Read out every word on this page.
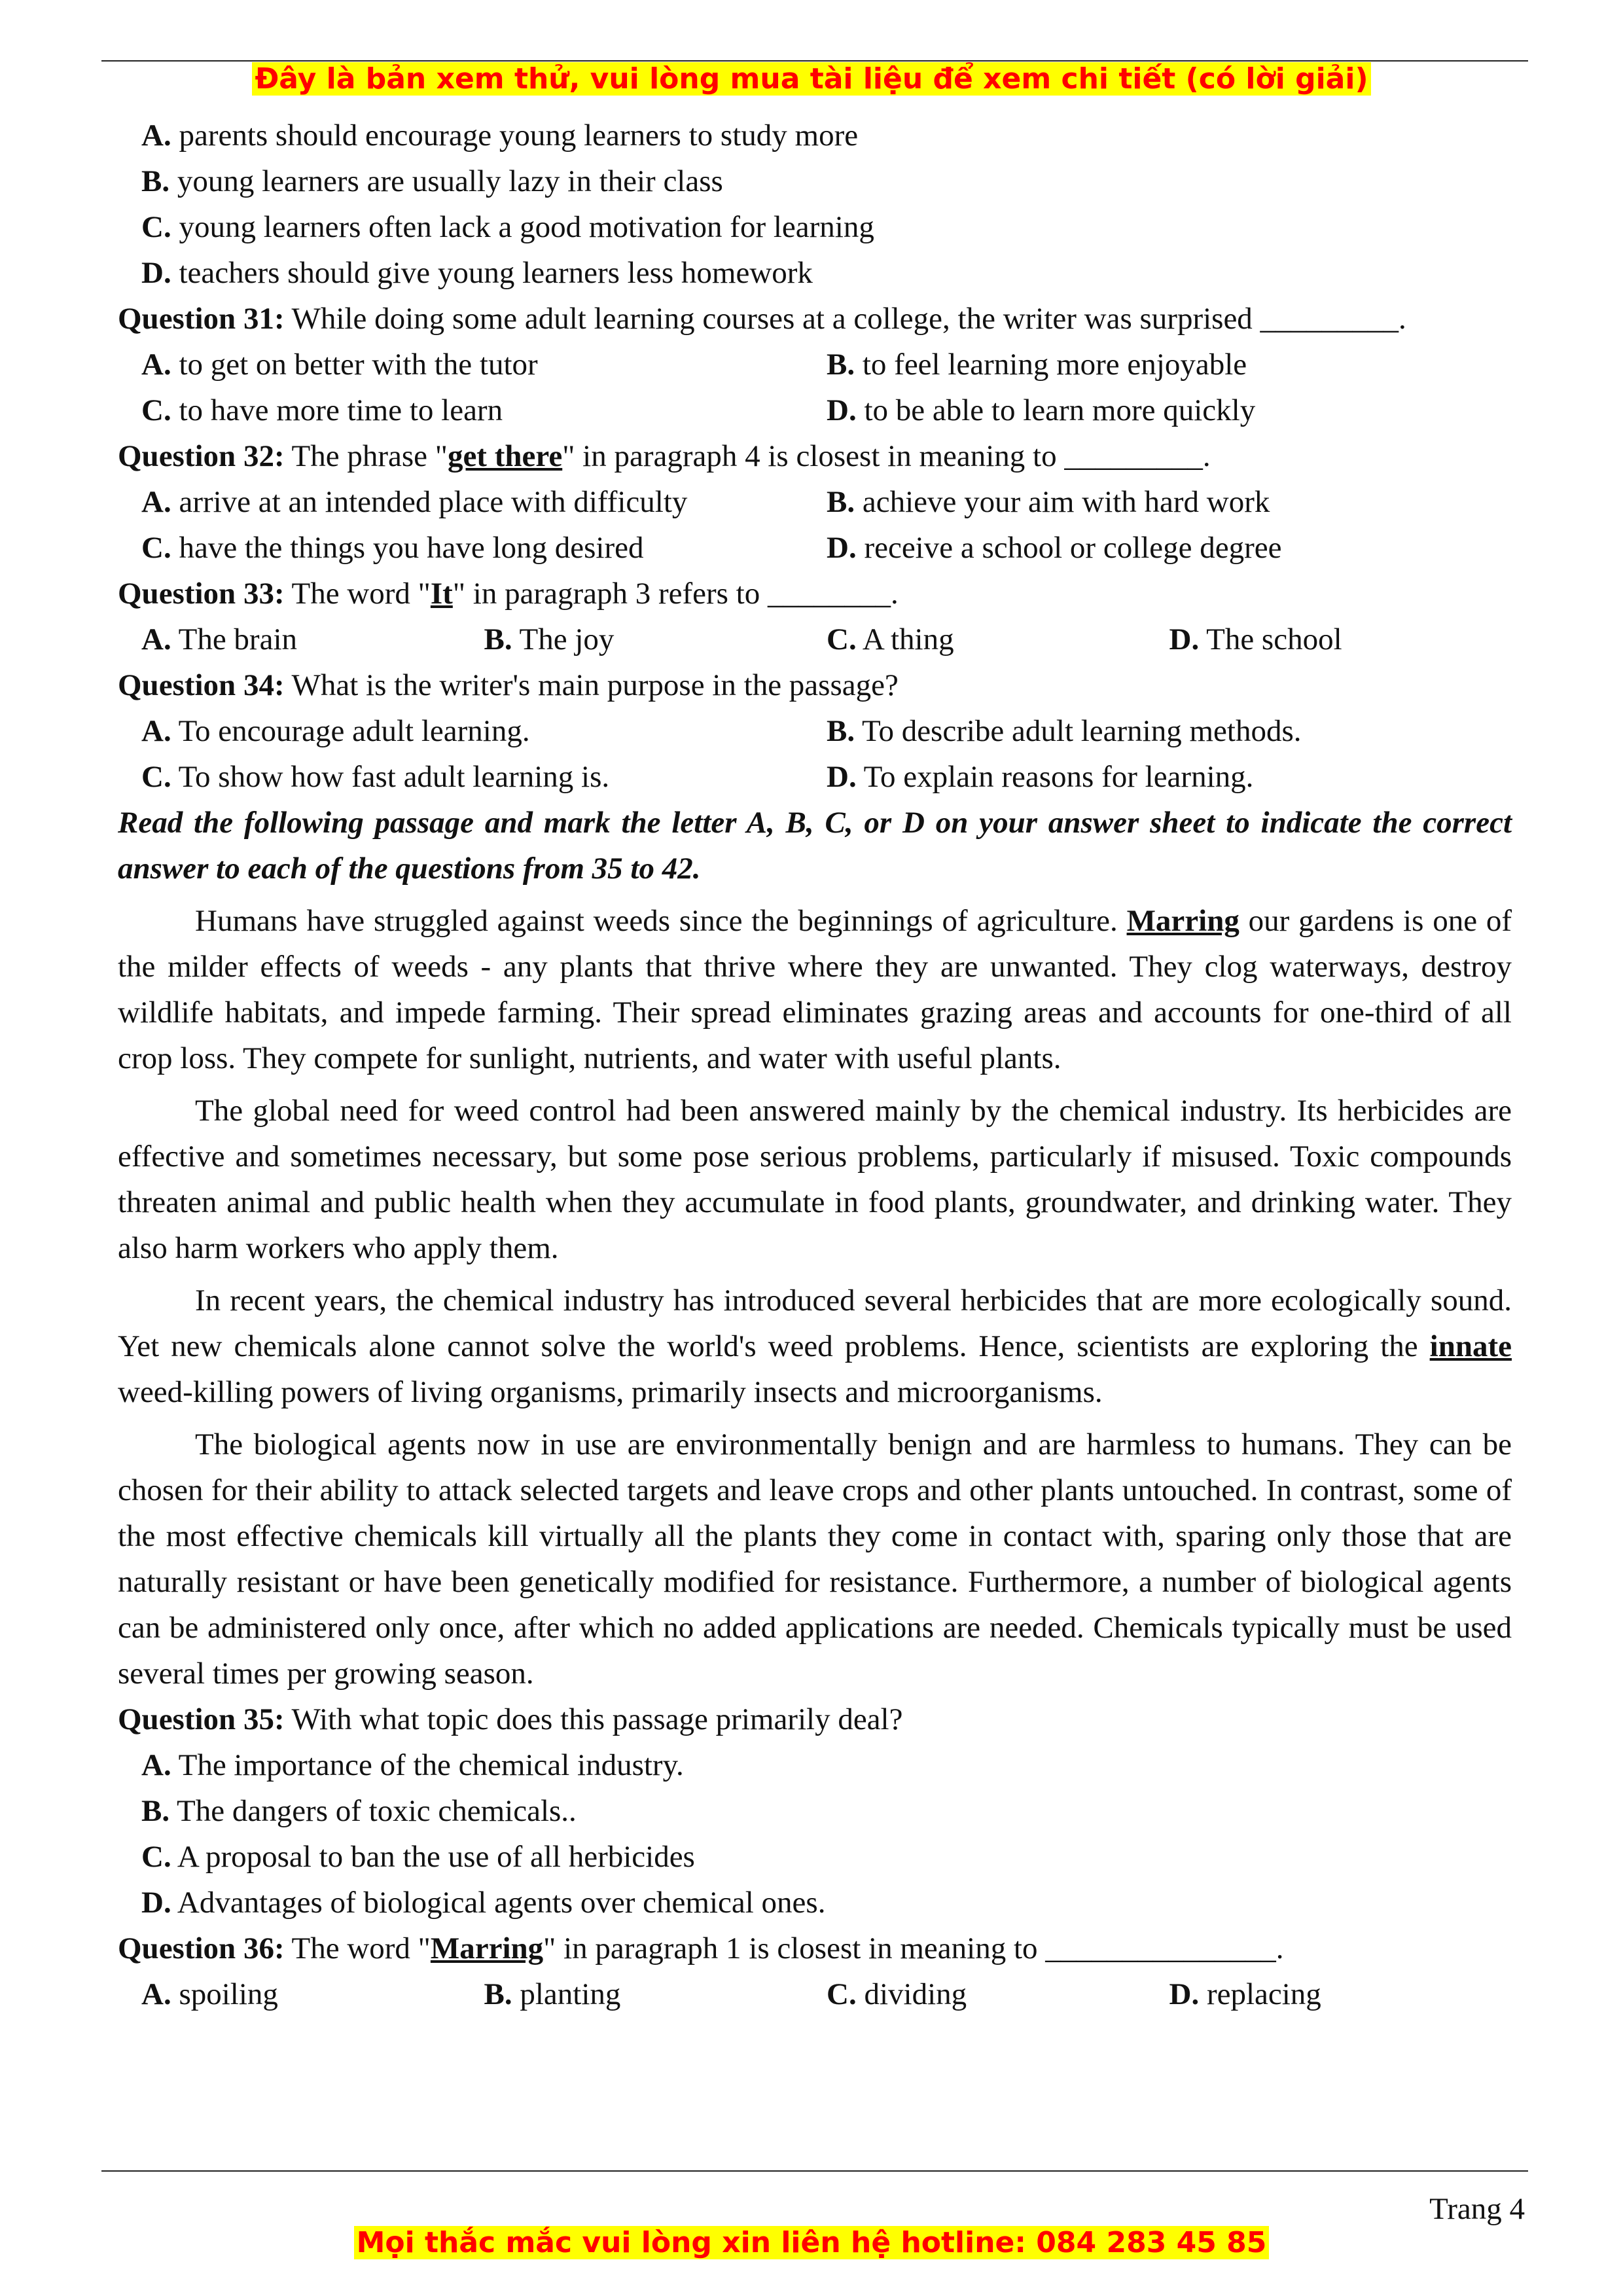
Đây là bản xem thử, vui lòng mua tài liệu để xem chi tiết (có lời giải)

A. parents should encourage young learners to study more

B. young learners are usually lazy in their class

C. young learners often lack a good motivation for learning

D. teachers should give young learners less homework

Question 31: While doing some adult learning courses at a college, the writer was surprised _________.

A. to get on better with the tutor	B. to feel learning more enjoyable
C. to have more time to learn	D. to be able to learn more quickly

Question 32: The phrase "get there" in paragraph 4 is closest in meaning to _________.

A. arrive at an intended place with difficulty	B. achieve your aim with hard work
C. have the things you have long desired	D. receive a school or college degree

Question 33: The word "It" in paragraph 3 refers to ________.

A. The brain	B. The joy	C. A thing	D. The school

Question 34: What is the writer's main purpose in the passage?

A. To encourage adult learning.	B. To describe adult learning methods.
C. To show how fast adult learning is.	D. To explain reasons for learning.

Read the following passage and mark the letter A, B, C, or D on your answer sheet to indicate the correct answer to each of the questions from 35 to 42.

Humans have struggled against weeds since the beginnings of agriculture. Marring our gardens is one of the milder effects of weeds - any plants that thrive where they are unwanted. They clog waterways, destroy wildlife habitats, and impede farming. Their spread eliminates grazing areas and accounts for one-third of all crop loss. They compete for sunlight, nutrients, and water with useful plants.

The global need for weed control had been answered mainly by the chemical industry. Its herbicides are effective and sometimes necessary, but some pose serious problems, particularly if misused. Toxic compounds threaten animal and public health when they accumulate in food plants, groundwater, and drinking water. They also harm workers who apply them.

In recent years, the chemical industry has introduced several herbicides that are more ecologically sound. Yet new chemicals alone cannot solve the world's weed problems. Hence, scientists are exploring the innate weed-killing powers of living organisms, primarily insects and microorganisms.

The biological agents now in use are environmentally benign and are harmless to humans. They can be chosen for their ability to attack selected targets and leave crops and other plants untouched. In contrast, some of the most effective chemicals kill virtually all the plants they come in contact with, sparing only those that are naturally resistant or have been genetically modified for resistance. Furthermore, a number of biological agents can be administered only once, after which no added applications are needed. Chemicals typically must be used several times per growing season.

Question 35: With what topic does this passage primarily deal?

A. The importance of the chemical industry.

B. The dangers of toxic chemicals..

C. A proposal to ban the use of all herbicides

D. Advantages of biological agents over chemical ones.

Question 36: The word "Marring" in paragraph 1 is closest in meaning to _______________.

A. spoiling	B. planting	C. dividing	D. replacing
Trang 4
Mọi thắc mắc vui lòng xin liên hệ hotline: 084 283 45 85
